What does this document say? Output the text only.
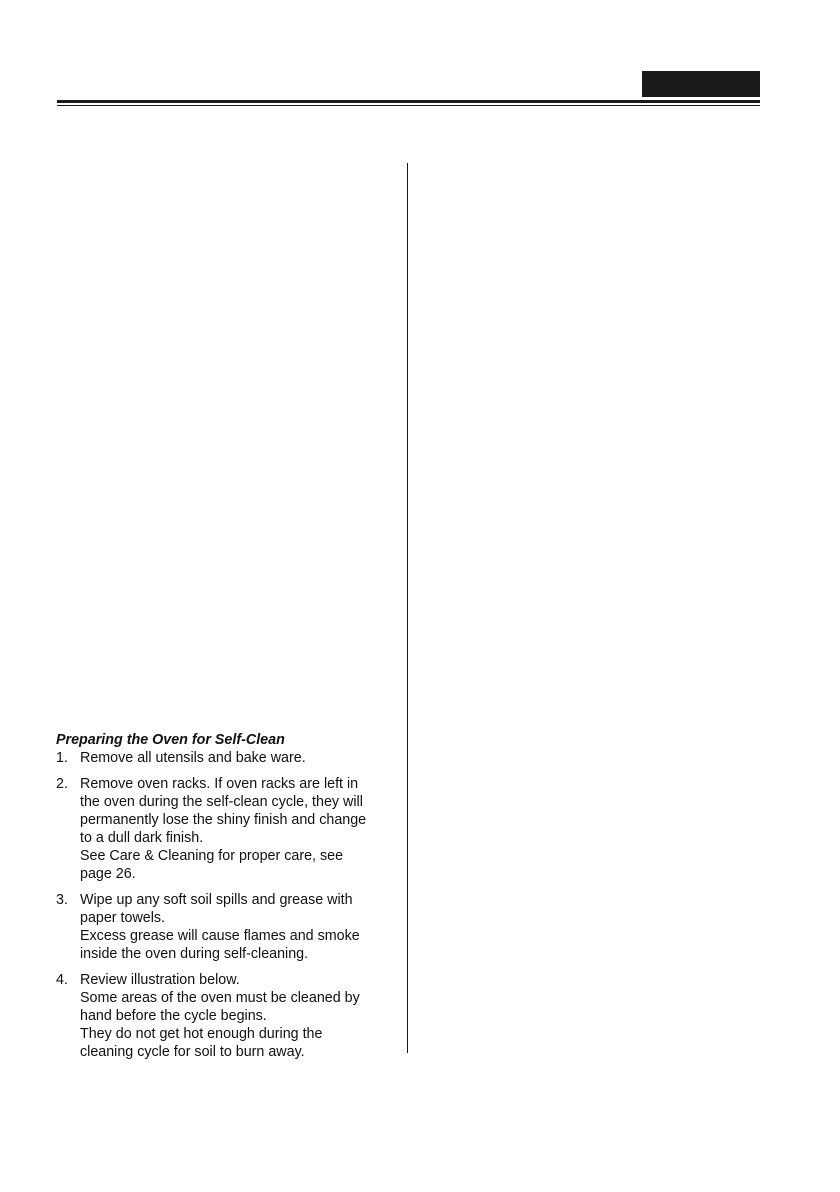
Preparing the Oven for Self-Clean

1. Remove all utensils and bake ware.
2. Remove oven racks. If oven racks are left in
the oven during the self-clean cycle, they will
permanently lose the shiny finish and change
to a dull dark finish.
See Care & Cleaning for proper care, see
page 26.
3. Wipe up any soft soil spills and grease with
paper towels.
Excess grease will cause flames and smoke
inside the oven during self-cleaning.
4. Review illustration below.
Some areas of the oven must be cleaned by
hand before the cycle begins.
They do not get hot enough during the
cleaning cycle for soil to burn away.
